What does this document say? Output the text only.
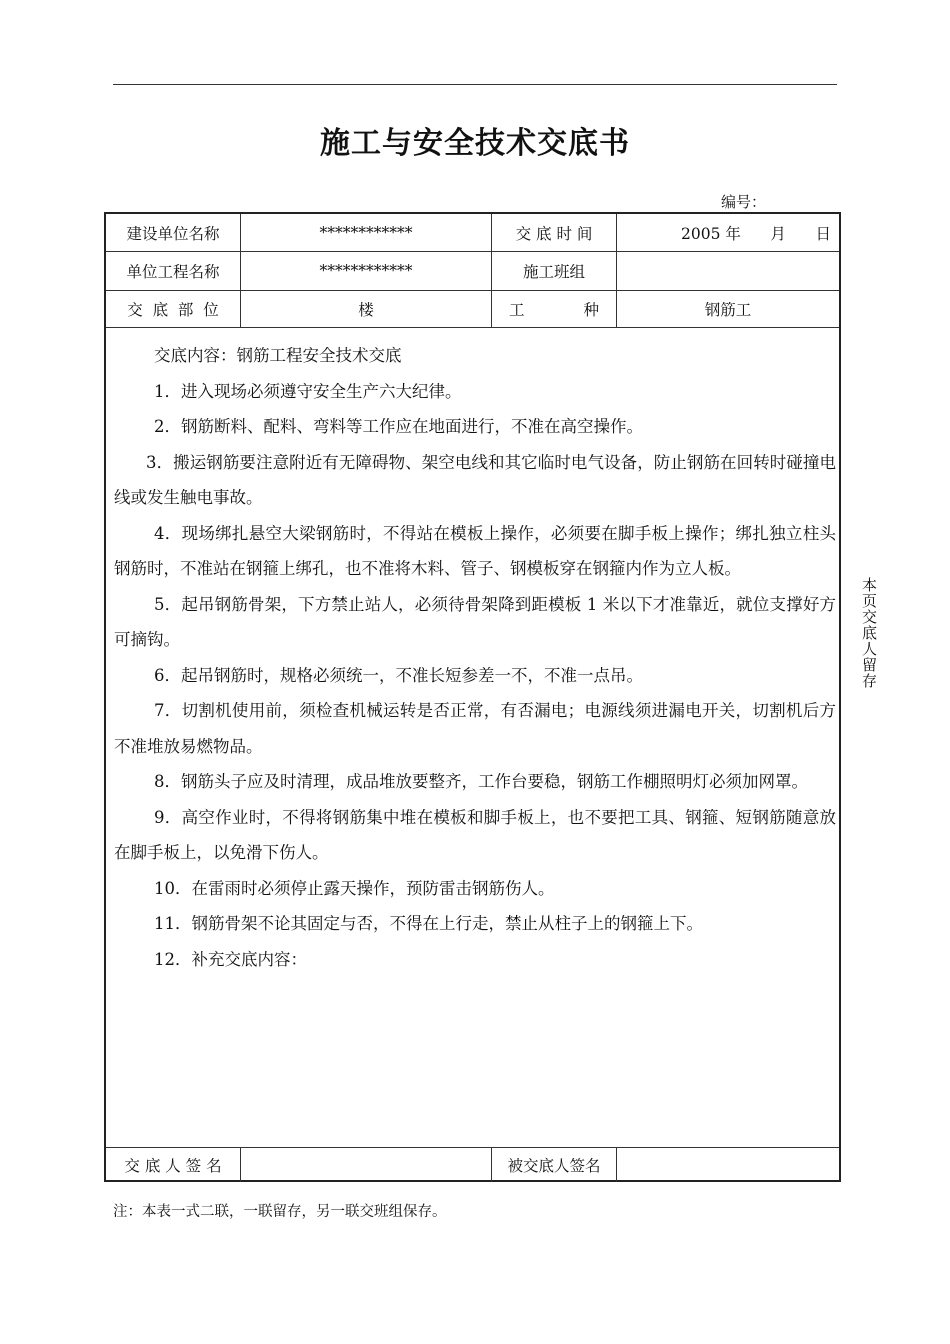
施工与安全技术交底书
编号：
建设单位名称	************	交 底 时 间	2005 年      月      日
单位工程名称	************	施工班组
交  底  部  位	楼	工            种	钢筋工

交底内容：钢筋工程安全技术交底

1．进入现场必须遵守安全生产六大纪律。

2．钢筋断料、配料、弯料等工作应在地面进行，不准在高空操作。

3．搬运钢筋要注意附近有无障碍物、架空电线和其它临时电气设备，防止钢筋在回转时碰撞电线或发生触电事故。

4．现场绑扎悬空大梁钢筋时，不得站在模板上操作，必须要在脚手板上操作；绑扎独立柱头钢筋时，不准站在钢箍上绑孔，也不准将木料、管子、钢模板穿在钢箍内作为立人板。

5．起吊钢筋骨架，下方禁止站人，必须待骨架降到距模板 1 米以下才准靠近，就位支撑好方可摘钩。

6．起吊钢筋时，规格必须统一，不准长短参差一不，不准一点吊。

7．切割机使用前，须检查机械运转是否正常，有否漏电；电源线须进漏电开关，切割机后方不准堆放易燃物品。

8．钢筋头子应及时清理，成品堆放要整齐，工作台要稳，钢筋工作棚照明灯必须加网罩。

9．高空作业时，不得将钢筋集中堆在模板和脚手板上，也不要把工具、钢箍、短钢筋随意放在脚手板上，以免滑下伤人。

10．在雷雨时必须停止露天操作，预防雷击钢筋伤人。

11．钢筋骨架不论其固定与否，不得在上行走，禁止从柱子上的钢箍上下。

12．补充交底内容：

交 底 人 签 名	被交底人签名
本页交底人留存
注：本表一式二联，一联留存，另一联交班组保存。
